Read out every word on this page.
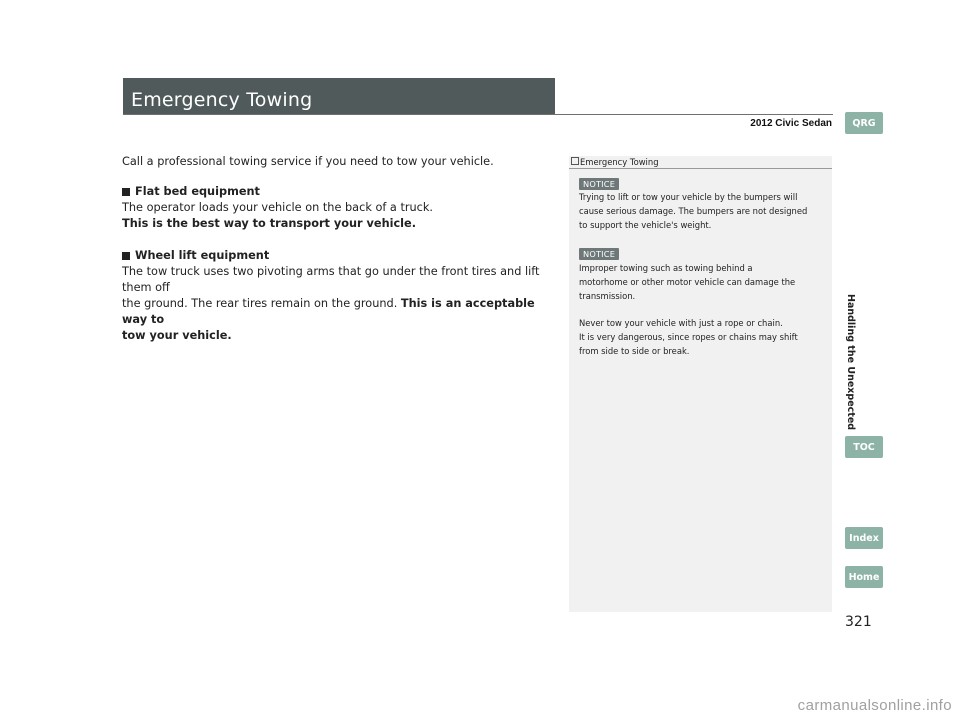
Emergency Towing
2012 Civic Sedan

Call a professional towing service if you need to tow your vehicle.

Flat bed equipment

The operator loads your vehicle on the back of a truck.

This is the best way to transport your vehicle.

Wheel lift equipment

The tow truck uses two pivoting arms that go under the front tires and lift them off

the ground. The rear tires remain on the ground. This is an acceptable way to

tow your vehicle.

Emergency Towing
NOTICE

Trying to lift or tow your vehicle by the bumpers will

cause serious damage. The bumpers are not designed

to support the vehicle's weight.

NOTICE

Improper towing such as towing behind a

motorhome or other motor vehicle can damage the

transmission.

Never tow your vehicle with just a rope or chain.

It is very dangerous, since ropes or chains may shift

from side to side or break.

QRG
Handling the Unexpected
TOC
Index
Home
321
carmanualsonline.info
